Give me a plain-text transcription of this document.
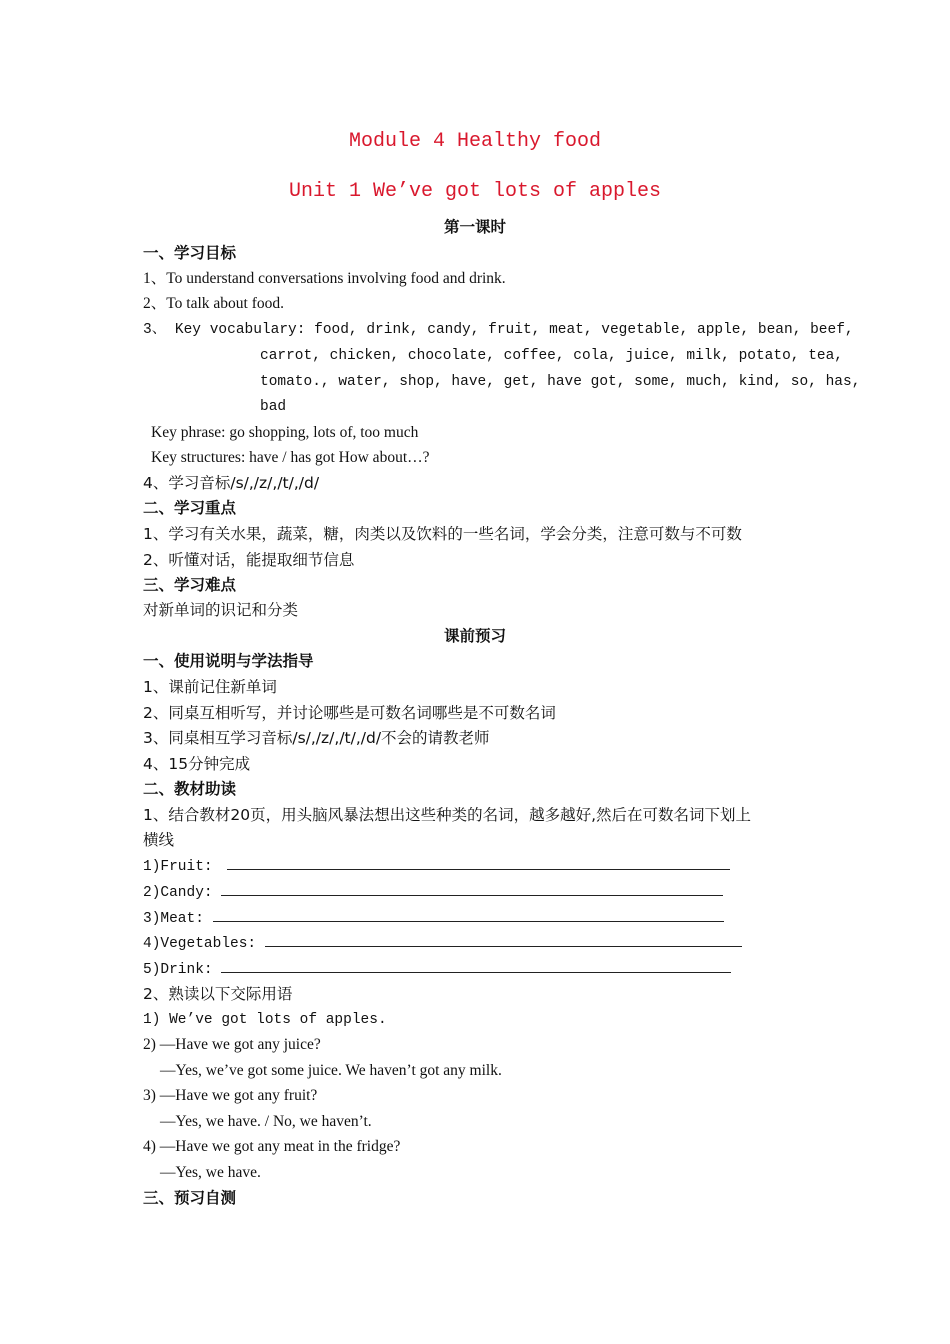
Module 4 Healthy food
Unit 1 We’ve got lots of apples
第一课时
一、学习目标
1、To understand conversations involving food and drink.
2、To talk about food.
3、 Key vocabulary: food, drink, candy, fruit, meat, vegetable, apple, bean, beef,
carrot, chicken, chocolate, coffee, cola, juice, milk, potato, tea,
tomato., water, shop, have, get, have got, some, much, kind, so, has,
bad
Key phrase: go shopping, lots of, too much
Key structures: have / has got How about…?
4、学习音标/s/,/z/,/t/,/d/
二、学习重点
1、学习有关水果，蔬菜，糖，肉类以及饮料的一些名词，学会分类，注意可数与不可数
2、听懂对话，能提取细节信息
三、学习难点
对新单词的识记和分类
课前预习
一、使用说明与学法指导
1、课前记住新单词
2、同桌互相听写，并讨论哪些是可数名词哪些是不可数名词
3、同桌相互学习音标/s/,/z/,/t/,/d/不会的请教老师
4、15分钟完成
二、教材助读
1、结合教材20页，用头脑风暴法想出这些种类的名词，越多越好,然后在可数名词下划上
横线
1)Fruit:
2)Candy:
3)Meat:
4)Vegetables:
5)Drink:
2、熟读以下交际用语
1) We’ve got lots of apples.
2) —Have we got any juice?
—Yes, we’ve got some juice. We haven’t got any milk.
3) —Have we got any fruit?
—Yes, we have. / No, we haven’t.
4) —Have we got any meat in the fridge?
—Yes, we have.
三、预习自测
